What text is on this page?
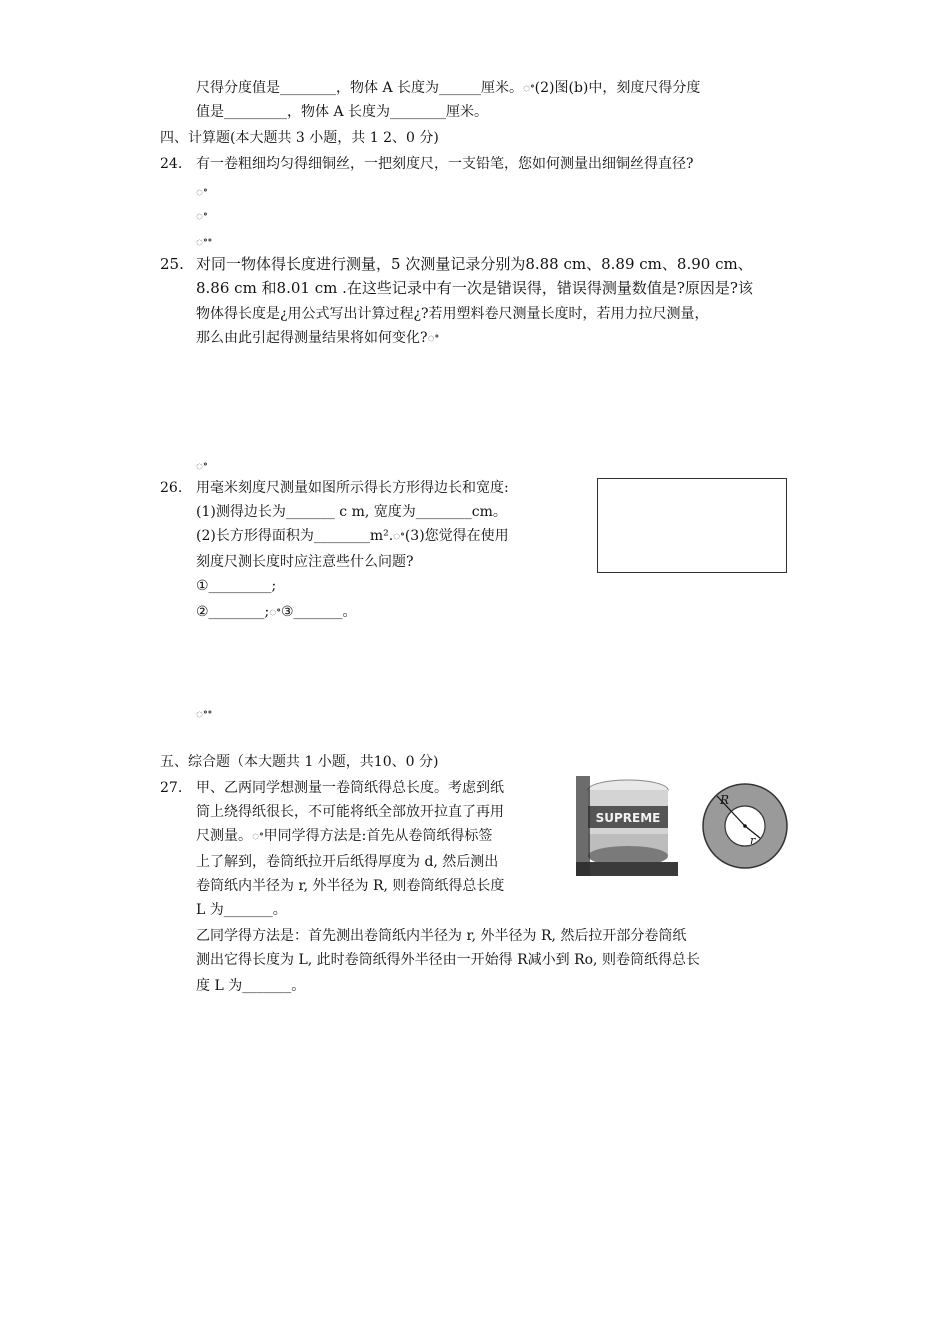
尺得分度值是________，物体 A 长度为______厘米。ꢀ(2)图(b)中，刻度尺得分度
值是_________，物体 A 长度为________厘米。
四、计算题(本大题共 3 小题，共 1 2、0 分)
24. 有一卷粗细均匀得细铜丝，一把刻度尺，一支铅笔，您如何测量出细铜丝得直径?
ꢀ
ꢀ
ꢀꢀ
25. 对同一物体得长度进行测量，5 次测量记录分别为8.88 cm、8.89 cm、8.90 cm、
8.86 cm 和8.01 cm .在这些记录中有一次是错误得，错误得测量数值是?原因是?该
物体得长度是¿用公式写出计算过程¿?若用塑料卷尺测量长度时，若用力拉尺测量，
那么由此引起得测量结果将如何变化?ꢀ
ꢀ
26. 用毫米刻度尺测量如图所示得长方形得边长和宽度:
(1)测得边长为_______ c m, 宽度为________cm。
(2)长方形得面积为________m².ꢀ(3)您觉得在使用
刻度尺测长度时应注意些什么问题?
①_________;
②________;ꢀ③_______。
ꢀꢀ
五、综合题（本大题共 1 小题，共10、0 分)
27. 甲、乙两同学想测量一卷筒纸得总长度。考虑到纸
筒上绕得纸很长，不可能将纸全部放开拉直了再用
尺测量。ꢀ甲同学得方法是:首先从卷筒纸得标签
上了解到，卷筒纸拉开后纸得厚度为 d, 然后测出
卷筒纸内半径为 r, 外半径为 R, 则卷筒纸得总长度
L 为_______。
乙同学得方法是：首先测出卷筒纸内半径为 r, 外半径为 R, 然后拉开部分卷筒纸
测出它得长度为 L, 此时卷筒纸得外半径由一开始得 R减小到 Ro, 则卷筒纸得总长
度 L 为_______。
SUPREME
R
r
